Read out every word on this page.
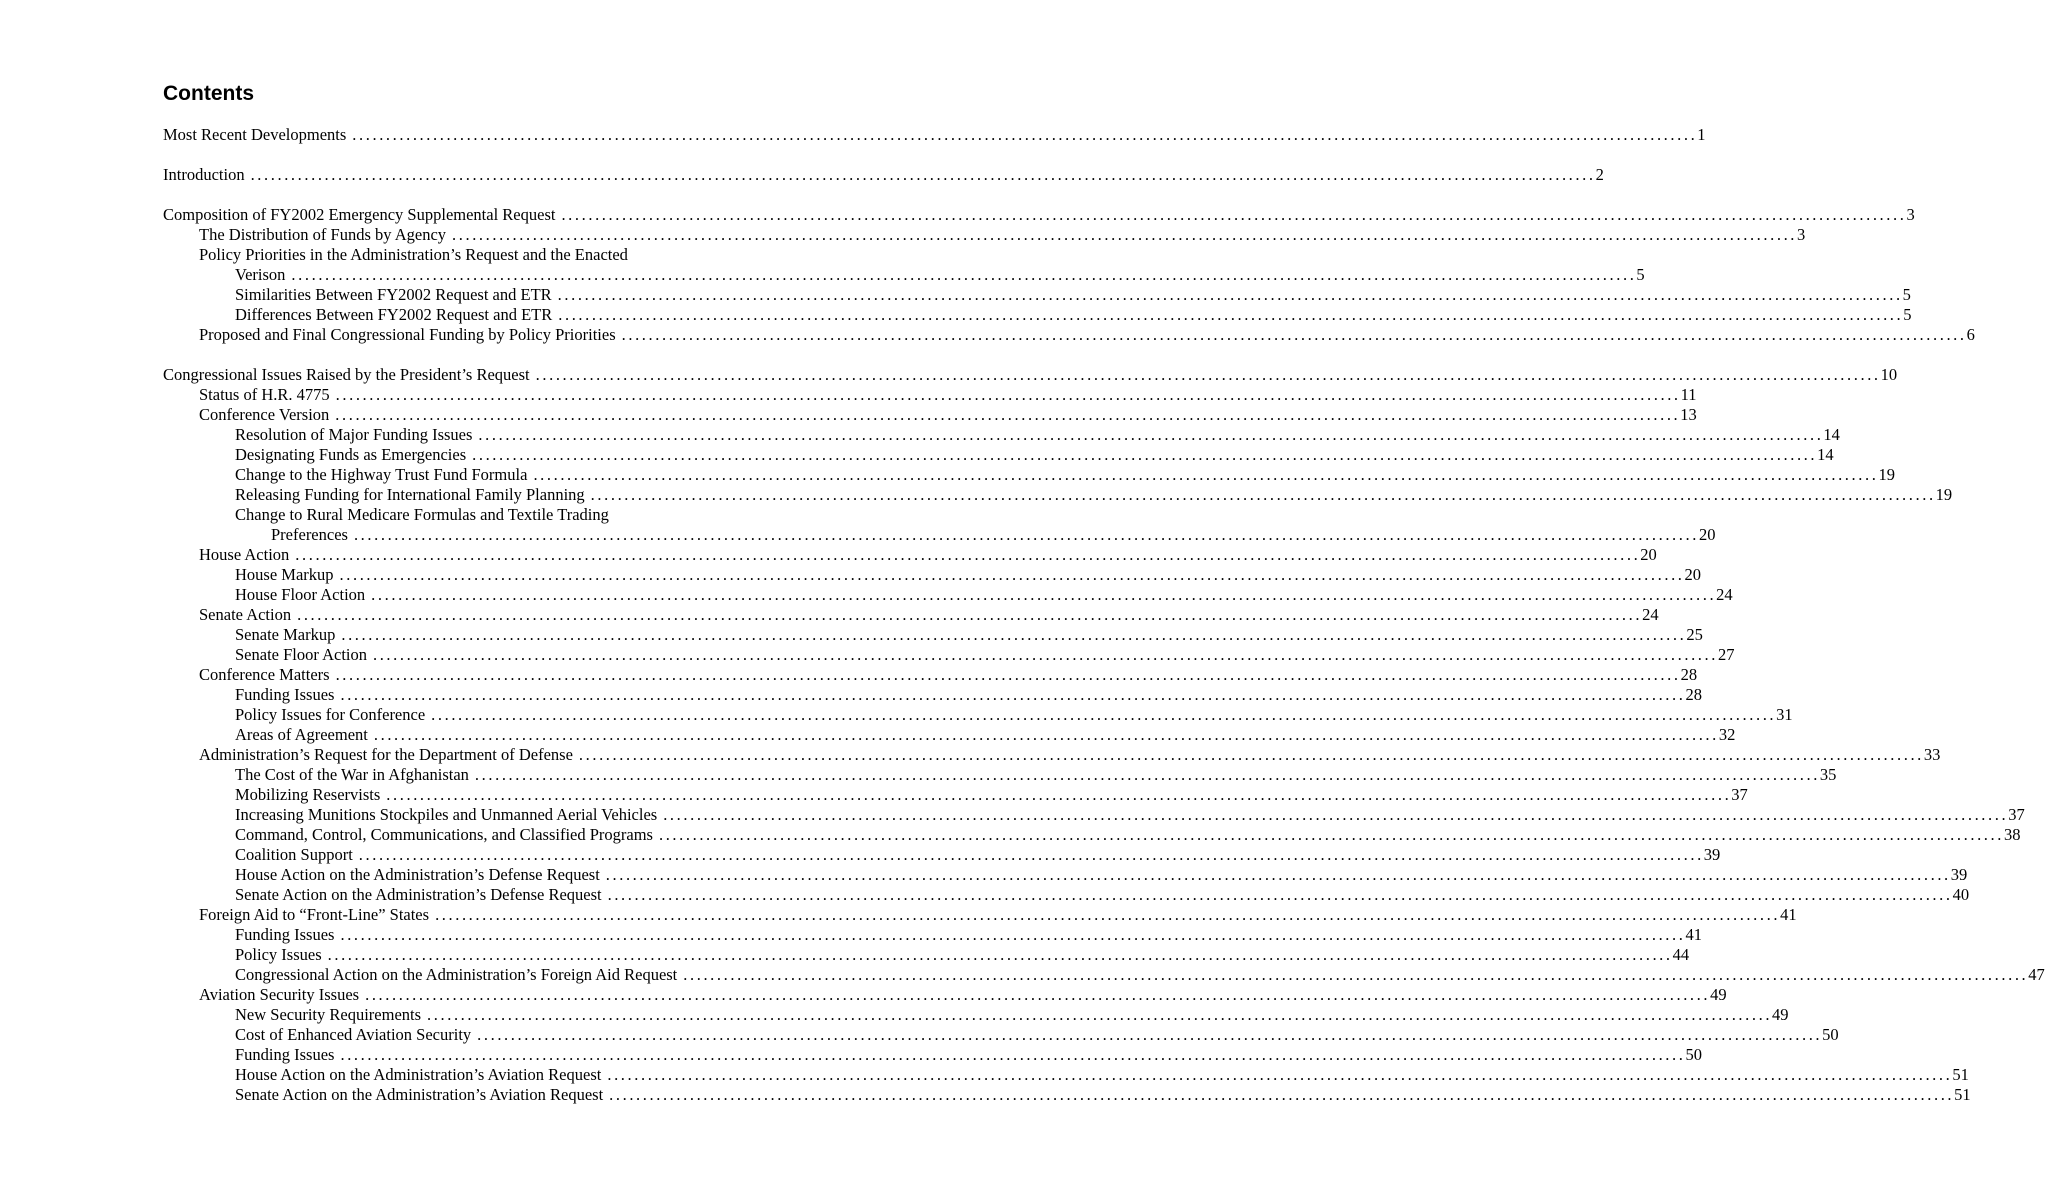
Contents
Most Recent Developments ........................................................................................................................................................................................................ 1
Introduction ........................................................................................................................................................................................................ 2
Composition of FY2002 Emergency Supplemental Request ........................................................................................................................................................................................................ 3
The Distribution of Funds by Agency ........................................................................................................................................................................................................ 3
Policy Priorities in the Administration’s Request and the Enacted
Verison ........................................................................................................................................................................................................ 5
Similarities Between FY2002 Request and ETR ........................................................................................................................................................................................................ 5
Differences Between FY2002 Request and ETR ........................................................................................................................................................................................................ 5
Proposed and Final Congressional Funding by Policy Priorities ........................................................................................................................................................................................................ 6
Congressional Issues Raised by the President’s Request ........................................................................................................................................................................................................ 10
Status of H.R. 4775 ........................................................................................................................................................................................................ 11
Conference Version ........................................................................................................................................................................................................ 13
Resolution of Major Funding Issues ........................................................................................................................................................................................................ 14
Designating Funds as Emergencies ........................................................................................................................................................................................................ 14
Change to the Highway Trust Fund Formula ........................................................................................................................................................................................................ 19
Releasing Funding for International Family Planning ........................................................................................................................................................................................................ 19
Change to Rural Medicare Formulas and Textile Trading
Preferences ........................................................................................................................................................................................................ 20
House Action ........................................................................................................................................................................................................ 20
House Markup ........................................................................................................................................................................................................ 20
House Floor Action ........................................................................................................................................................................................................ 24
Senate Action ........................................................................................................................................................................................................ 24
Senate Markup ........................................................................................................................................................................................................ 25
Senate Floor Action ........................................................................................................................................................................................................ 27
Conference Matters ........................................................................................................................................................................................................ 28
Funding Issues ........................................................................................................................................................................................................ 28
Policy Issues for Conference ........................................................................................................................................................................................................ 31
Areas of Agreement ........................................................................................................................................................................................................ 32
Administration’s Request for the Department of Defense ........................................................................................................................................................................................................ 33
The Cost of the War in Afghanistan ........................................................................................................................................................................................................ 35
Mobilizing Reservists ........................................................................................................................................................................................................ 37
Increasing Munitions Stockpiles and Unmanned Aerial Vehicles ........................................................................................................................................................................................................ 37
Command, Control, Communications, and Classified Programs ........................................................................................................................................................................................................ 38
Coalition Support ........................................................................................................................................................................................................ 39
House Action on the Administration’s Defense Request ........................................................................................................................................................................................................ 39
Senate Action on the Administration’s Defense Request ........................................................................................................................................................................................................ 40
Foreign Aid to “Front-Line” States ........................................................................................................................................................................................................ 41
Funding Issues ........................................................................................................................................................................................................ 41
Policy Issues ........................................................................................................................................................................................................ 44
Congressional Action on the Administration’s Foreign Aid Request ........................................................................................................................................................................................................ 47
Aviation Security Issues ........................................................................................................................................................................................................ 49
New Security Requirements ........................................................................................................................................................................................................ 49
Cost of Enhanced Aviation Security ........................................................................................................................................................................................................ 50
Funding Issues ........................................................................................................................................................................................................ 50
House Action on the Administration’s Aviation Request ........................................................................................................................................................................................................ 51
Senate Action on the Administration’s Aviation Request ........................................................................................................................................................................................................ 51
